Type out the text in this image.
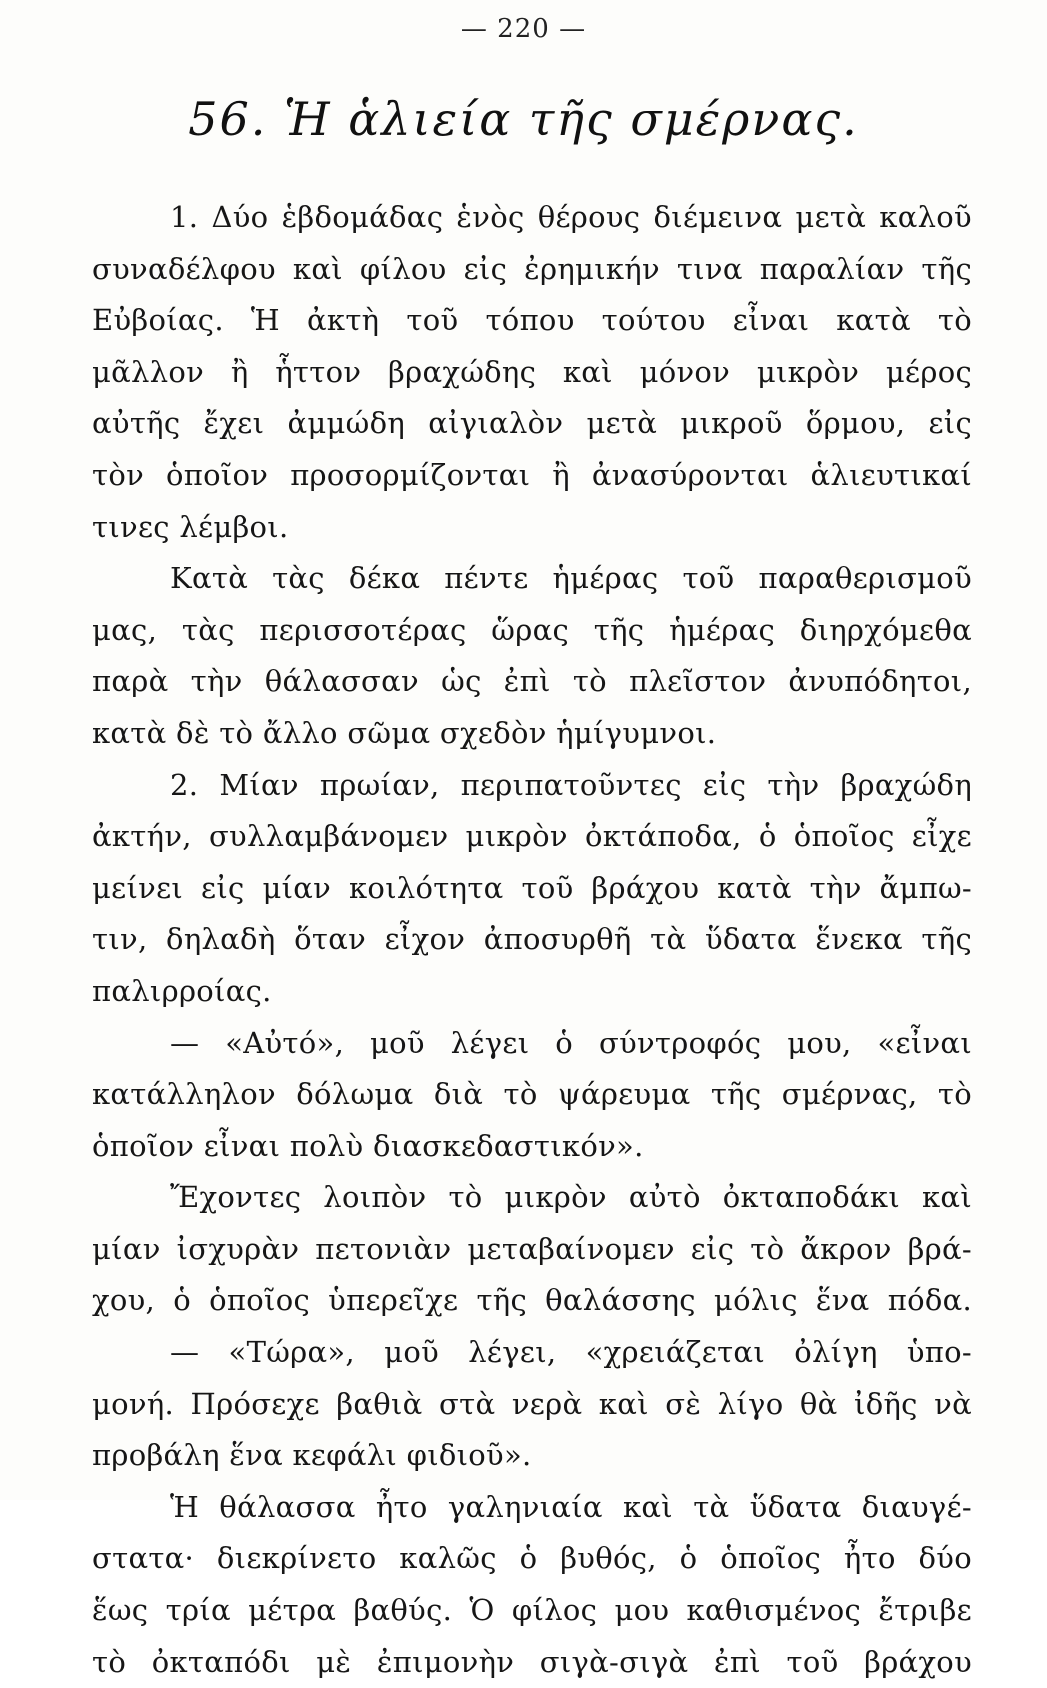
— 220 —
56. Ἡ ἁλιεία τῆς σμέρνας.
1. Δύο ἑβδομάδας ἑνὸς θέρους διέμεινα μετὰ καλοῦ
συναδέλφου καὶ φίλου εἰς ἐρημικήν τινα παραλίαν τῆς
Εὐβοίας. Ἡ ἀκτὴ τοῦ τόπου τούτου εἶναι κατὰ τὸ
μᾶλλον ἢ ἧττον βραχώδης καὶ μόνον μικρὸν μέρος
αὐτῆς ἔχει ἀμμώδη αἰγιαλὸν μετὰ μικροῦ ὅρμου, εἰς
τὸν ὁποῖον προσορμίζονται ἢ ἀνασύρονται ἁλιευτικαί
τινες λέμβοι.
Κατὰ τὰς δέκα πέντε ἡμέρας τοῦ παραθερισμοῦ
μας, τὰς περισσοτέρας ὥρας τῆς ἡμέρας διηρχόμεθα
παρὰ τὴν θάλασσαν ὡς ἐπὶ τὸ πλεῖστον ἀνυπόδητοι,
κατὰ δὲ τὸ ἄλλο σῶμα σχεδὸν ἡμίγυμνοι.
2. Μίαν πρωίαν, περιπατοῦντες εἰς τὴν βραχώδη
ἀκτήν, συλλαμβάνομεν μικρὸν ὀκτάποδα, ὁ ὁποῖος εἶχε
μείνει εἰς μίαν κοιλότητα τοῦ βράχου κατὰ τὴν ἄμπω-
τιν, δηλαδὴ ὅταν εἶχον ἀποσυρθῆ τὰ ὕδατα ἕνεκα τῆς
παλιρροίας.
— «Αὐτό», μοῦ λέγει ὁ σύντροφός μου, «εἶναι
κατάλληλον δόλωμα διὰ τὸ ψάρευμα τῆς σμέρνας, τὸ
ὁποῖον εἶναι πολὺ διασκεδαστικόν».
Ἔχοντες λοιπὸν τὸ μικρὸν αὐτὸ ὀκταποδάκι καὶ
μίαν ἰσχυρὰν πετονιὰν μεταβαίνομεν εἰς τὸ ἄκρον βρά-
χου, ὁ ὁποῖος ὑπερεῖχε τῆς θαλάσσης μόλις ἕνα πόδα.
— «Τώρα», μοῦ λέγει, «χρειάζεται ὀλίγη ὑπο-
μονή. Πρόσεχε βαθιὰ στὰ νερὰ καὶ σὲ λίγο θὰ ἰδῆς νὰ
προβάλη ἕνα κεφάλι φιδιοῦ».
Ἡ θάλασσα ἦτο γαληνιαία καὶ τὰ ὕδατα διαυγέ-
στατα· διεκρίνετο καλῶς ὁ βυθός, ὁ ὁποῖος ἦτο δύο
ἕως τρία μέτρα βαθύς. Ὁ φίλος μου καθισμένος ἔτριβε
τὸ ὀκταπόδι μὲ ἐπιμονὴν σιγὰ-σιγὰ ἐπὶ τοῦ βράχου
